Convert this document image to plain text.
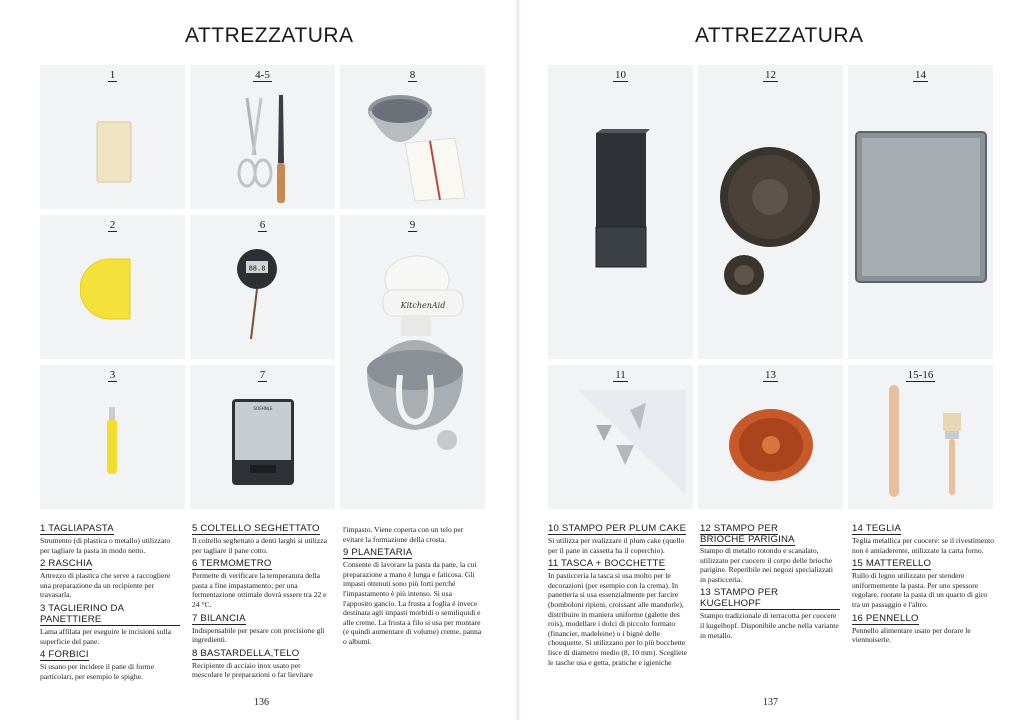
ATTREZZATURA
1	4-5	8
2	6
88.8
9
KitchenAid
3	7
SOEHNLE
1 TAGLIAPASTA
Strumento (di plastica o metallo) utilizzato per tagliare la pasta in modo netto.
2 RASCHIA
Attrezzo di plastica che serve a raccogliere una preparazione da un recipiente per travasarla.
3 TAGLIERINO DA PANETTIERE
Lama affilata per eseguire le incisioni sulla superficie del pane.
4 FORBICI
Si usano per incidere il pane di forme particolari, per esempio le spighe.
5 COLTELLO SEGHETTATO
Il coltello seghettato a denti larghi si utilizza per tagliare il pane cotto.
6 TERMOMETRO
Permette di verificare la temperatura della pasta a fine impastamento; per una fermentazione ottimale dovrà essere tra 22 e 24 °C.
7 BILANCIA
Indispensabile per pesare con precisione gli ingredienti.
8 BASTARDELLA,TELO
Recipiente di acciaio inox usato per mescolare le preparazioni o far lievitare
l'impasto. Viene coperta con un telo per evitare la formazione della crosta.
9 PLANETARIA
Consente di lavorare la pasta da pane, la cui preparazione a mano è lunga e faticosa. Gli impasti ottenuti sono più forti perché l'impastamento è più intenso. Si usa l'apposito gancio. La frusta a foglia è invece destinata agli impasti morbidi o semiliquidi e alle creme. La frusta a filo si usa per montare (e quindi aumentare di volume) creme, panna o albumi.
136
ATTREZZATURA
10	12	14
11	13	15-16
10 STAMPO PER PLUM CAKE
Si utilizza per realizzare il plum cake (quello per il pane in cassetta ha il coperchio).
11 TASCA + BOCCHETTE
In pasticceria la tasca si usa molto per le decorazioni (per esempio con la crema). In panetteria si usa essenzialmente per farcire (bomboloni ripieni, croissant alle mandorle), distribuire in maniera uniforme (galette des rois), modellare i dolci di piccolo formato (financier, madeleine) o i bignè delle chouquette. Si utilizzano per lo più bocchette lisce di diametro medio (8, 10 mm). Scegliete le tasche usa e getta, pratiche e igieniche
12 STAMPO PER
BRIOCHE PARIGINA
Stampo di metallo rotondo e scanalato, utilizzato per cuocere il corpo delle brioche parigine. Reperibile nei negozi specializzati in pasticceria.
13 STAMPO PER KUGELHOPF
Stampo tradizionale di terracotta per cuocere il kugelhopf. Disponibile anche nella variante in metallo.
14 TEGLIA
Teglia metallica per cuocere: se il rivestimento non è antiaderente, utilizzate la carta forno.
15 MATTERELLO
Rullo di legno utilizzato per stendere uniformemente la pasta. Per uno spessore regolare, ruotate la pasta di un quarto di giro tra un passaggio e l'altro.
16 PENNELLO
Pennello alimentare usato per dorare le viennoiserie.
137
